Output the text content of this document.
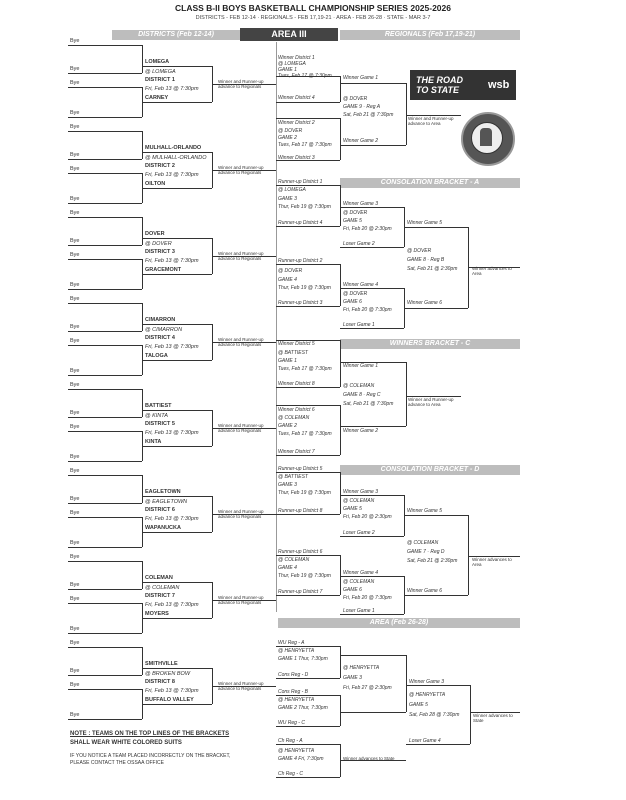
CLASS B-II BOYS BASKETBALL CHAMPIONSHIP SERIES 2025-2026
DISTRICTS - FEB 12-14 · REGIONALS - FEB 17,19-21 · AREA - FEB 26-28 · STATE - MAR 3-7
DISTRICTS (Feb 12-14)	AREA III	REGIONALS (Feb 17,19-21)
THE ROAD
TO STATE	wsb
CONSOLATION BRACKET - A
WINNERS BRACKET - C
CONSOLATION BRACKET - D
AREA (Feb 26-28)
Bye
Bye
Bye
Bye
LOMEGA
@ LOMEGA
DISTRICT 1
Fri, Feb 13 @ 7:30pm
CARNEY
Winner and Runner-up advance to Regionals
Bye
Bye
Bye
Bye
MULHALL-ORLANDO
@ MULHALL-ORLANDO
DISTRICT 2
Fri, Feb 13 @ 7:30pm
OILTON
Winner and Runner-up advance to Regionals
Bye
Bye
Bye
Bye
DOVER
@ DOVER
DISTRICT 3
Fri, Feb 13 @ 7:30pm
GRACEMONT
Winner and Runner-up advance to Regionals
Bye
Bye
Bye
Bye
CIMARRON
@ CIMARRON
DISTRICT 4
Fri, Feb 13 @ 7:30pm
TALOGA
Winner and Runner-up advance to Regionals
Bye
Bye
Bye
Bye
BATTIEST
@ KINTA
DISTRICT 5
Fri, Feb 13 @ 7:30pm
KINTA
Winner and Runner-up advance to Regionals
Bye
Bye
Bye
Bye
EAGLETOWN
@ EAGLETOWN
DISTRICT 6
Fri, Feb 13 @ 7:30pm
WAPANUCKA
Winner and Runner-up advance to Regionals
Bye
Bye
Bye
Bye
COLEMAN
@ COLEMAN
DISTRICT 7
Fri, Feb 13 @ 7:30pm
MOYERS
Winner and Runner-up advance to Regionals
Bye
Bye
Bye
Bye
SMITHVILLE
@ BROKEN BOW
DISTRICT 8
Fri, Feb 13 @ 7:30pm
BUFFALO VALLEY
Winner and Runner-up advance to Regionals
Winner District 1
@ LOMEGA
GAME 1
Tues, Feb 17 @ 7:30pm
Winner District 4
Winner District 2
@ DOVER
GAME 2
Tues, Feb 17 @ 7:30pm
Winner District 3
Winner Game 1
Winner Game 2
@ DOVER
GAME 9 · Reg A
Sat, Feb 21 @ 7:30pm
Winner and Runner-up advance to Area
Runner-up District 1
@ LOMEGA
GAME 3
Thur, Feb 19 @ 7:30pm
Runner-up District 4
Runner-up District 2
@ DOVER
GAME 4
Thur, Feb 19 @ 7:30pm
Runner-up District 3
Winner Game 3
@ DOVER
GAME 5
Fri, Feb 20 @ 2:30pm
Loser Game 2
Winner Game 4
@ DOVER
GAME 6
Fri, Feb 20 @ 7:30pm
Loser Game 1
Winner Game 5
@ DOVER
GAME 8 · Reg B
Sat, Feb 21 @ 2:30pm
Winner Game 6
Winner advances to Area
Winner District 5
@ BATTIEST
GAME 1
Tues, Feb 17 @ 7:30pm
Winner District 8
Winner District 6
@ COLEMAN
GAME 2
Tues, Feb 17 @ 7:30pm
Winner District 7
Winner Game 1
@ COLEMAN
GAME 8 · Reg C
Sat, Feb 21 @ 7:30pm
Winner Game 2
Winner and Runner-up advance to Area
Runner-up District 5
@ BATTIEST
GAME 3
Thur, Feb 19 @ 7:30pm
Runner-up District 8
Runner-up District 6
@ COLEMAN
GAME 4
Thur, Feb 19 @ 7:30pm
Runner-up District 7
Winner Game 3
@ COLEMAN
GAME 5
Fri, Feb 20 @ 2:30pm
Loser Game 2
Winner Game 4
@ COLEMAN
GAME 6
Fri, Feb 20 @ 7:30pm
Loser Game 1
Winner Game 5
@ COLEMAN
GAME 7 · Reg D
Sat, Feb 21 @ 2:30pm
Winner Game 6
Winner advances to Area
WU Reg - A
@ HENRYETTA
GAME 1 Thur, 7:30pm
Cons Reg - D
Cons Reg - B
@ HENRYETTA
GAME 2 Thur, 7:30pm
WU Reg - C
@ HENRYETTA
GAME 3
Fri, Feb 27 @ 2:30pm
Winner Game 3
@ HENRYETTA
GAME 5
Sat, Feb 28 @ 7:30pm
Loser Game 4
Winner advances to State
Ch Reg - A
@ HENRYETTA
GAME 4 Fri, 7:30pm
Ch Reg - C
Winner advances to State
NOTE : TEAMS ON THE TOP LINES OF THE BRACKETS
SHALL WEAR WHITE COLORED SUITS
IF YOU NOTICE A TEAM PLACED INCORRECTLY ON THE BRACKET,
PLEASE CONTACT THE OSSAA OFFICE
